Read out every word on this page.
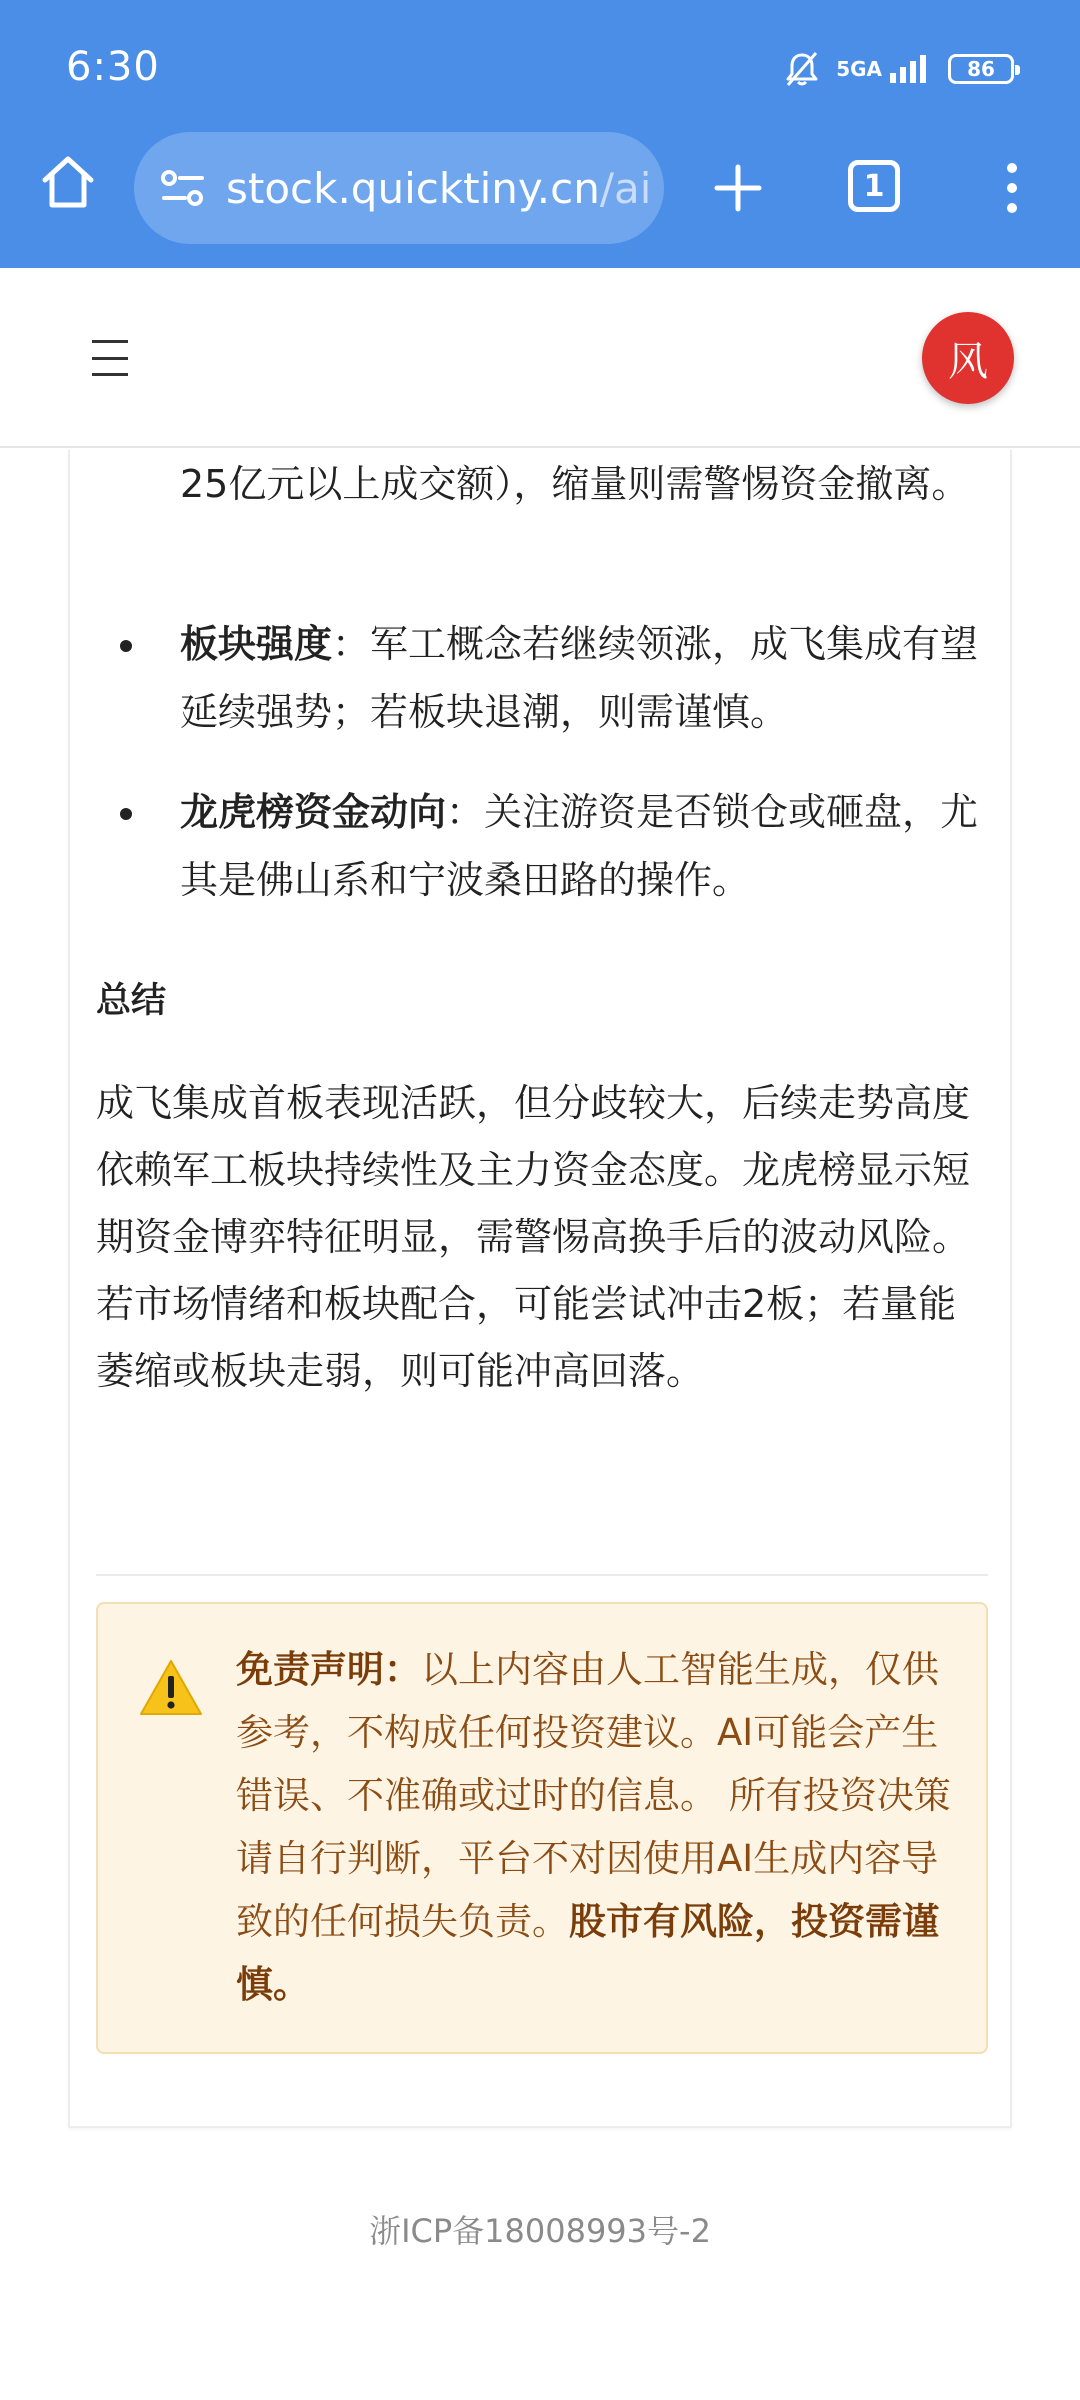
6:30	5GA	86
stock.quicktiny.cn/ai	1
风
25亿元以上成交额），缩量则需警惕资金撤离。
板块强度：军工概念若继续领涨，成飞集成有望延续强势；若板块退潮，则需谨慎。
龙虎榜资金动向：关注游资是否锁仓或砸盘，尤其是佛山系和宁波桑田路的操作。
总结

成飞集成首板表现活跃，但分歧较大，后续走势高度依赖军工板块持续性及主力资金态度。龙虎榜显示短期资金博弈特征明显，需警惕高换手后的波动风险。若市场情绪和板块配合，可能尝试冲击2板；若量能萎缩或板块走弱，则可能冲高回落。

免责声明：以上内容由人工智能生成，仅供参考，不构成任何投资建议。AI可能会产生错误、不准确或过时的信息。 所有投资决策请自行判断，平台不对因使用AI生成内容导致的任何损失负责。股市有风险，投资需谨慎。

浙ICP备18008993号-2
